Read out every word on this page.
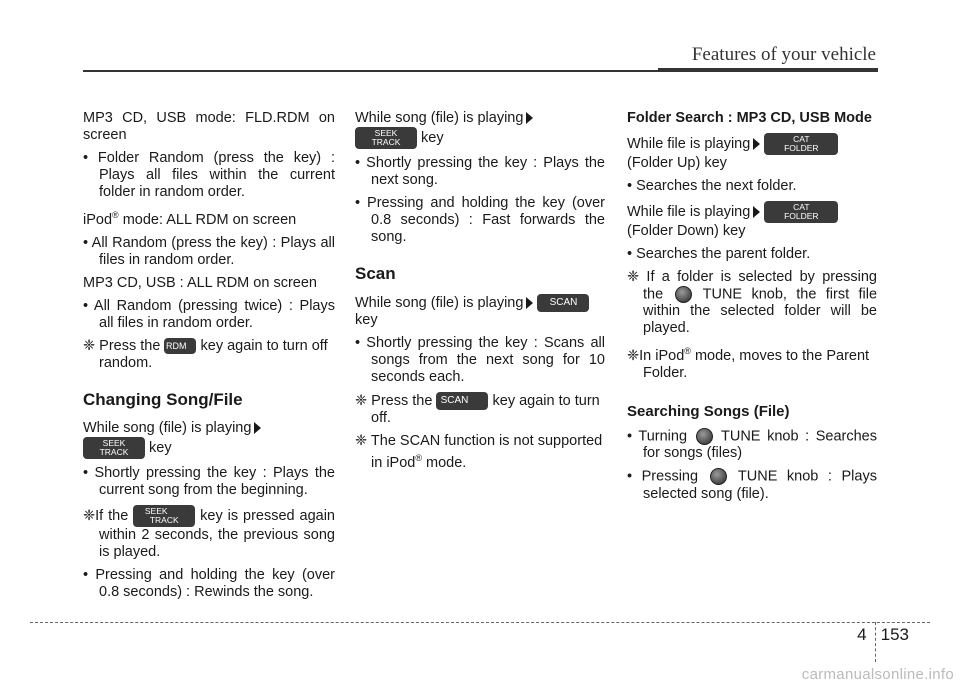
Features of your vehicle

MP3 CD, USB mode: FLD.RDM on screen

• Folder Random (press the key) : Plays all files within the current folder in random order.

iPod® mode: ALL RDM on screen

• All Random (press the key) : Plays all files in random order.

MP3 CD, USB : ALL RDM on screen

• All Random (pressing twice) : Plays all files in random order.

❈ Press the 2 RDM key again to turn off random.

Changing Song/File

While song (file) is playing
SEEK
TRACK key

• Shortly pressing the key : Plays the current song from the beginning.

❈If the SEEK
TRACK key is pressed again within 2 seconds, the previous song is played.

• Pressing and holding the key (over 0.8 seconds) : Rewinds the song.

While song (file) is playing
SEEK
TRACK key

• Shortly pressing the key : Plays the next song.

• Pressing and holding the key (over 0.8 seconds) : Fast forwards the song.

Scan

While song (file) is playing	SCAN
key

• Shortly pressing the key : Scans all songs from the next song for 10 seconds each.

❈ Press the SCAN key again to turn off.

❈ The SCAN function is not supported in iPod® mode.

Folder Search : MP3 CD, USB Mode

While file is playing	CAT
FOLDER
(Folder Up) key

• Searches the next folder.

While file is playing	CAT
FOLDER
(Folder Down) key

• Searches the parent folder.

❈ If a folder is selected by pressing the	TUNE knob, the first file within the selected folder will be played.

❈In iPod® mode, moves to the Parent Folder.

Searching Songs (File)

• Turning TUNE knob : Searches for songs (files)

• Pressing	TUNE knob : Plays selected song (file).

4 153
carmanualsonline.info
